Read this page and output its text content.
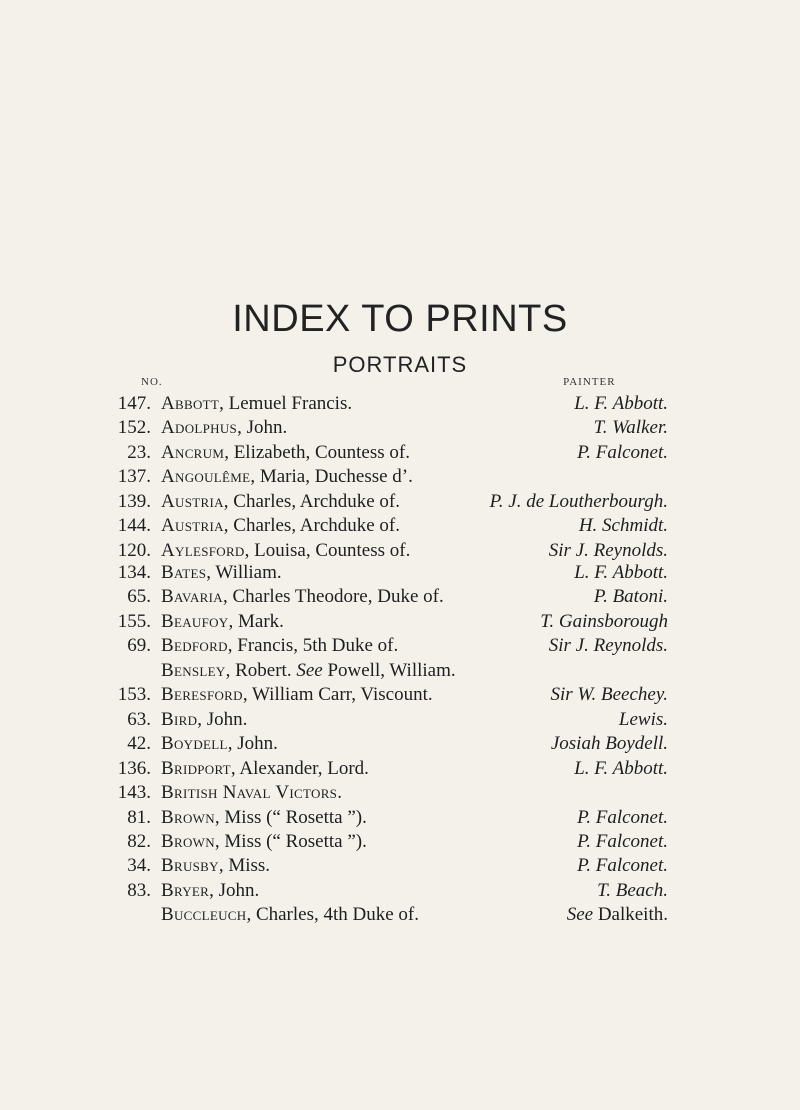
INDEX TO PRINTS
PORTRAITS
NO.	PAINTER
147. Abbott, Lemuel Francis.	L. F. Abbott.
152. Adolphus, John.	T. Walker.
23. Ancrum, Elizabeth, Countess of.	P. Falconet.
137. Angoulême, Maria, Duchesse d’.
139. Austria, Charles, Archduke of.	P. J. de Loutherbourgh.
144. Austria, Charles, Archduke of.	H. Schmidt.
120. Aylesford, Louisa, Countess of.	Sir J. Reynolds.
134. Bates, William.	L. F. Abbott.
65. Bavaria, Charles Theodore, Duke of.	P. Batoni.
155. Beaufoy, Mark.	T. Gainsborough
69. Bedford, Francis, 5th Duke of.	Sir J. Reynolds.
Bensley, Robert. See Powell, William.
153. Beresford, William Carr, Viscount.	Sir W. Beechey.
63. Bird, John.	Lewis.
42. Boydell, John.	Josiah Boydell.
136. Bridport, Alexander, Lord.	L. F. Abbott.
143. British Naval Victors.
81. Brown, Miss (“ Rosetta ”).	P. Falconet.
82. Brown, Miss (“ Rosetta ”).	P. Falconet.
34. Brusby, Miss.	P. Falconet.
83. Bryer, John.	T. Beach.
Buccleuch, Charles, 4th Duke of.	See Dalkeith.
